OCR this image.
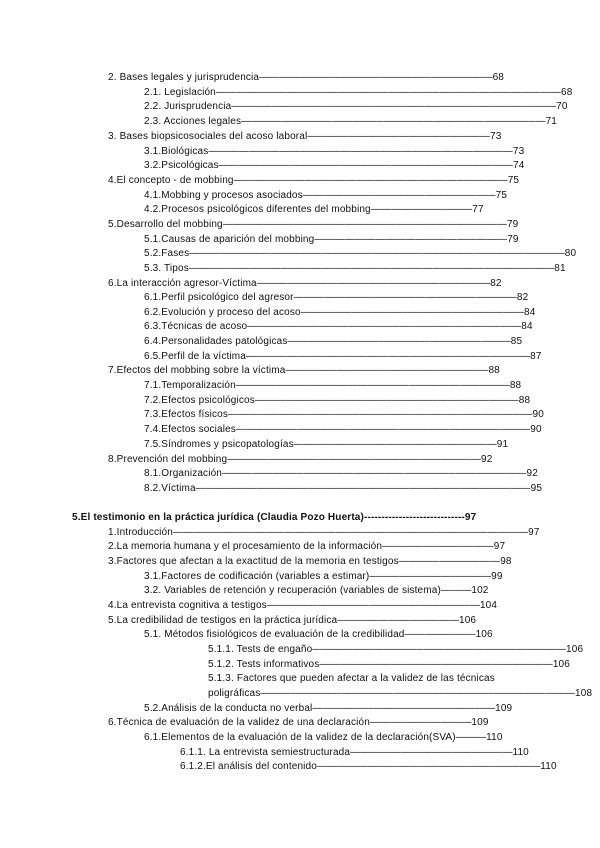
2. Bases legales y jurisprudencia———————————————————————68
2.1. Legislación——————————————————————————————————68
2.2. Jurisprudencia————————————————————————————————70
2.3. Acciones legales——————————————————————————————71
3. Bases biopsicosociales del acoso laboral——————————————————73
3.1.Biológicas——————————————————————————————73
3.2.Psicológicas—————————————————————————————74
4.El concepto - de mobbing———————————————————————————75
4.1.Mobbing y procesos asociados———————————————————75
4.2.Procesos psicológicos diferentes del mobbing——————————77
5.Desarrollo del mobbing————————————————————————————79
5.1.Causas de aparición del mobbing———————————————————79
5.2.Fases—————————————————————————————————————80
5.3. Tipos————————————————————————————————————81
6.La interacción agresor-Víctima———————————————————————82
6.1.Perfil psicológico del agresor——————————————————————82
6.2.Evolución y proceso del acoso——————————————————————84
6.3.Técnicas de acoso———————————————————————————84
6.4.Personalidades patológicas——————————————————————85
6.5.Perfil de la víctima————————————————————————————87
7.Efectos del mobbing sobre la víctima————————————————————88
7.1.Temporalización———————————————————————————88
7.2.Efectos psicológicos——————————————————————————88
7.3.Efectos físicos——————————————————————————————90
7.4.Efectos sociales—————————————————————————————90
7.5.Síndromes y psicopatologías————————————————————91
8.Prevención del mobbing—————————————————————————92
8.1.Organización——————————————————————————————92
8.2.Víctima—————————————————————————————————95
5.El testimonio en la práctica jurídica (Claudia Pozo Huerta)-----------------------------97
1.Introducción———————————————————————————————————97
2.La memoria humana y el procesamiento de la información———————————97
3.Factores que afectan a la exactitud de la memoria en testigos——————————98
3.1.Factores de codificación (variables a estimar)————————————99
3.2. Variables de retención y recuperación (variables de sistema)———102
4.La entrevista cognitiva a testigos—————————————————————104
5.La credibilidad de testigos en la práctica jurídica————————————106
5.1. Métodos fisiológicos de evaluación de la credibilidad———————106
5.1.1. Tests de engaño—————————————————————————106
5.1.2. Tests informativos———————————————————————106
5.1.3. Factores que pueden afectar a la validez de las técnicas
poligráficas———————————————————————————————108
5.2.Análisis de la conducta no verbal——————————————————109
6.Técnica de evaluación de la validez de una declaración——————————109
6.1.Elementos de la evaluación de la validez de la declaración(SVA)———110
6.1.1. La entrevista semiestructurada————————————————110
6.1.2.El análisis del contenido——————————————————————110
